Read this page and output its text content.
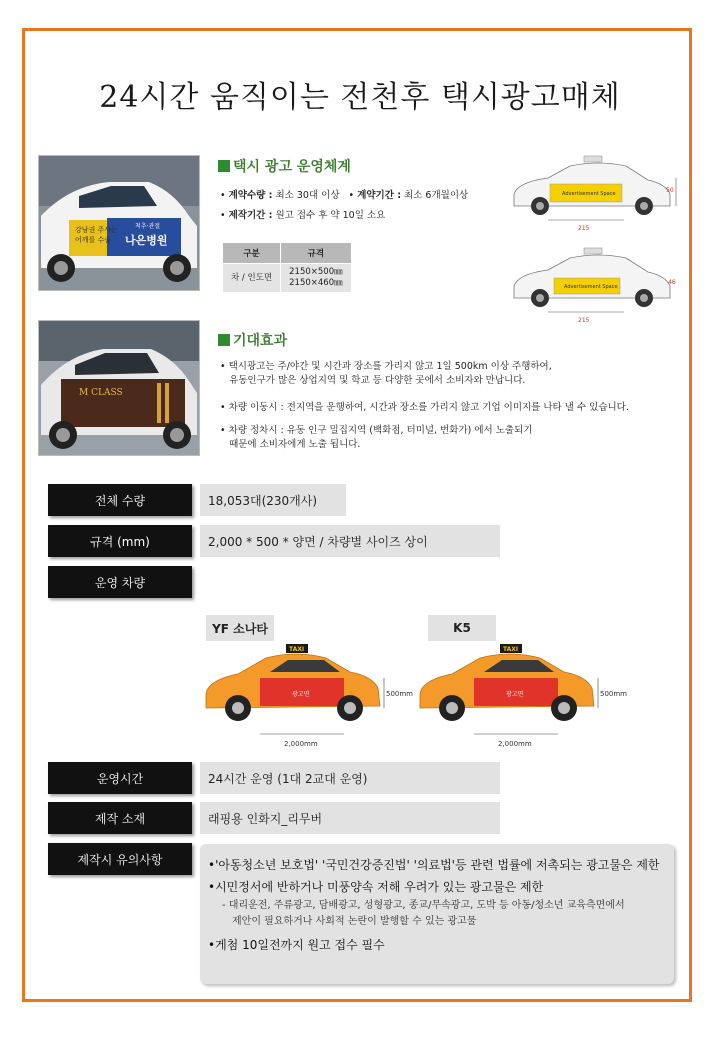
24시간 움직이는 전천후 택시광고매체
강남권 주사는
어깨를 수술
척추·관절
나은병원
택시 광고 운영체계
• 계약수량 : 최소 30대 이상   • 계약기간 : 최소 6개월이상
• 제작기간 : 원고 접수 후 약 10일 소요
구분	규격
차 / 인도면	2150×500㎜
2150×460㎜
Advertisement Space	50
215
Advertisement Space
46
215
M CLASS
기대효과
• 택시광고는 주/야간 및 시간과 장소를 가리지 않고 1일 500km 이상 주행하여,
유동인구가 많은 상업지역 및 학교 등 다양한 곳에서 소비자와 만납니다.
• 차량 이동시 : 전지역을 운행하여, 시간과 장소를 가리지 않고 기업 이미지를 나타 낼 수 있습니다.
• 차량 정차시 : 유동 인구 밀집지역 (백화점, 터미널, 번화가) 에서 노출되기
때문에 소비자에게 노출 됩니다.
전체 수량	18,053대(230개사)
규격 (mm)	2,000 * 500 * 양면 / 차량별 사이즈 상이
운영 차량
YF 소나타	K5
TAXI
광고면	500mm
2,000mm
TAXI
광고면	500mm
2,000mm
운영시간	24시간 운영 (1대 2교대 운영)
제작 소재	래핑용 인화지_리무버
제작시 유의사항	•'아동청소년 보호법' '국민건강증진법' '의료법'등 관련 법률에 저촉되는 광고물은 제한
•시민정서에 반하거나 미풍양속 저해 우려가 있는 광고물은 제한
- 대리운전, 주류광고, 담배광고, 성형광고, 종교/무속광고, 도박 등 아동/청소년 교육측면에서
제안이 필요하거나 사회적 논란이 발행할 수 있는 광고물
•게첨 10일전까지 원고 접수 필수
